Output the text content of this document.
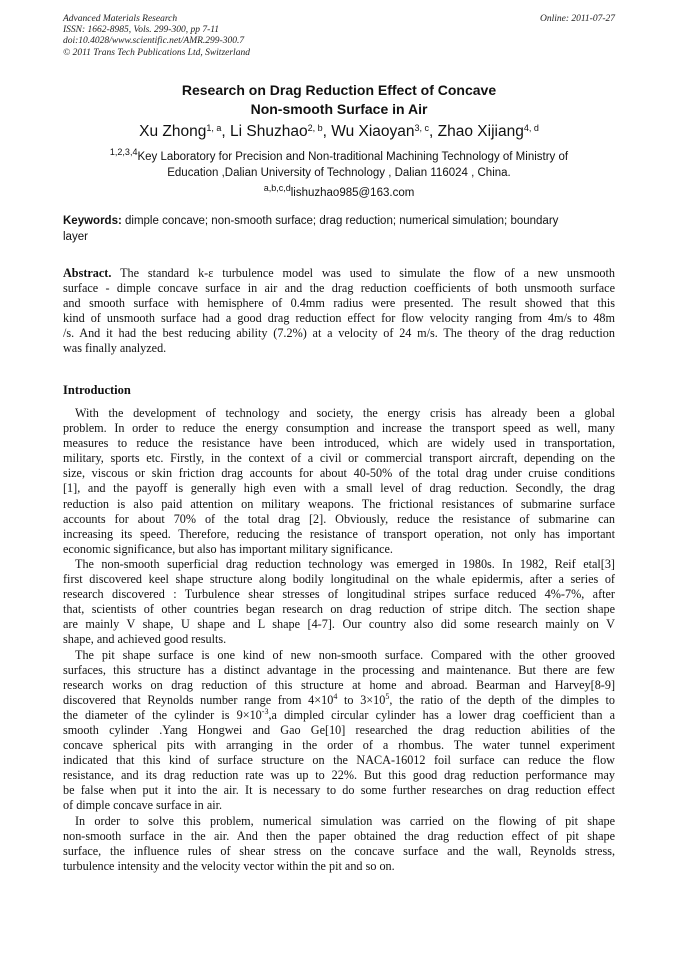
Advanced Materials Research
ISSN: 1662-8985, Vols. 299-300, pp 7-11
doi:10.4028/www.scientific.net/AMR.299-300.7
© 2011 Trans Tech Publications Ltd, Switzerland
Online: 2011-07-27
Research on Drag Reduction Effect of Concave
Non-smooth Surface in Air
Xu Zhong$^{1, a}$, Li Shuzhao$^{2, b}$, Wu Xiaoyan$^{3, c}$, Zhao Xijiang$^{4, d}$
$^{1,2,3,4}$Key Laboratory for Precision and Non-traditional Machining Technology of Ministry of
Education ,Dalian University of Technology , Dalian 116024 , China.
$^{a,b,c,d}$lishuzhao985@163.com
Keywords: dimple concave; non-smooth surface; drag reduction; numerical simulation; boundary
layer
Abstract. The standard k-ε turbulence model was used to simulate the flow of a new unsmooth
surface - dimple concave surface in air and the drag reduction coefficients of both unsmooth surface
and smooth surface with hemisphere of 0.4mm radius were presented. The result showed that this
kind of unsmooth surface had a good drag reduction effect for flow velocity ranging from 4m/s to 48m
/s. And it had the best reducing ability (7.2%) at a velocity of 24 m/s. The theory of the drag reduction
was finally analyzed.
Introduction
With the development of technology and society, the energy crisis has already been a global
problem. In order to reduce the energy consumption and increase the transport speed as well, many
measures to reduce the resistance have been introduced, which are widely used in transportation,
military, sports etc. Firstly, in the context of a civil or commercial transport aircraft, depending on the
size, viscous or skin friction drag accounts for about 40-50% of the total drag under cruise conditions
[1], and the payoff is generally high even with a small level of drag reduction. Secondly, the drag
reduction is also paid attention on military weapons. The frictional resistances of submarine surface
accounts for about 70% of the total drag [2]. Obviously, reduce the resistance of submarine can
increasing its speed. Therefore, reducing the resistance of transport operation, not only has important
economic significance, but also has important military significance.
The non-smooth superficial drag reduction technology was emerged in 1980s. In 1982, Reif etal[3]
first discovered keel shape structure along bodily longitudinal on the whale epidermis, after a series of
research discovered : Turbulence shear stresses of longitudinal stripes surface reduced 4%-7%, after
that, scientists of other countries began research on drag reduction of stripe ditch. The section shape
are mainly V shape, U shape and L shape [4-7]. Our country also did some research mainly on V
shape, and achieved good results.
The pit shape surface is one kind of new non-smooth surface. Compared with the other grooved
surfaces, this structure has a distinct advantage in the processing and maintenance. But there are few
research works on drag reduction of this structure at home and abroad. Bearman and Harvey[8-9]
discovered that Reynolds number range from $4\times 10^4$ to $3\times 10^5$, the ratio of the depth of the dimples to
the diameter of the cylinder is $9\times 10^{-3},a$ dimpled circular cylinder has a lower drag coefficient than a
smooth cylinder .Yang Hongwei and Gao Ge[10] researched the drag reduction abilities of the
concave spherical pits with arranging in the order of a rhombus. The water tunnel experiment
indicated that this kind of surface structure on the NACA-16012 foil surface can reduce the flow
resistance, and its drag reduction rate was up to 22%. But this good drag reduction performance may
be false when put it into the air. It is necessary to do some further researches on drag reduction effect
of dimple concave surface in air.
In order to solve this problem, numerical simulation was carried on the flowing of pit shape
non-smooth surface in the air. And then the paper obtained the drag reduction effect of pit shape
surface, the influence rules of shear stress on the concave surface and the wall, Reynolds stress,
turbulence intensity and the velocity vector within the pit and so on.
